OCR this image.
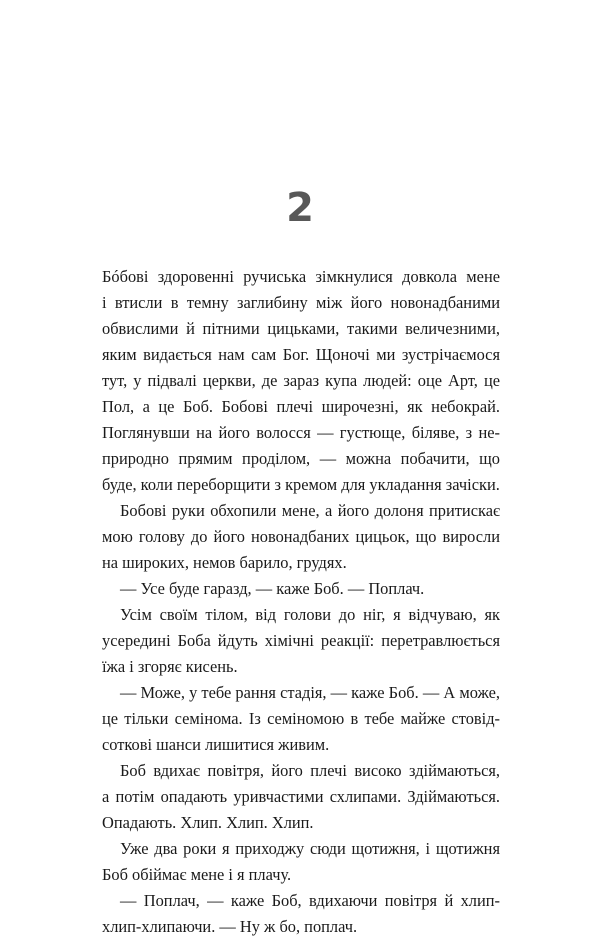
2
Бóбові здоровенні ручиська зімкнулися довкола мене
і втисли в темну заглибину між його новонадбаними
обвислими й пітними цицьками, такими величезними,
яким видається нам сам Бог. Щоночі ми зустрічаємося
тут, у підвалі церкви, де зараз купа людей: оце Арт, це
Пол, а це Боб. Бобові плечі широчезні, як небокрай.
Поглянувши на його волосся — густюще, біляве, з не-
природно прямим проділом, — можна побачити, що
буде, коли переборщити з кремом для укладання зачіски.
Бобові руки обхопили мене, а його долоня притискає
мою голову до його новонадбаних цицьок, що виросли
на широких, немов барило, грудях.
— Усе буде гаразд, — каже Боб. — Поплач.
Усім своїм тілом, від голови до ніг, я відчуваю, як
усередині Боба йдуть хімічні реакції: перетравлюється
їжа і згоряє кисень.
— Може, у тебе рання стадія, — каже Боб. — А може,
це тільки семінома. Із семіномою в тебе майже стовід-
соткові шанси лишитися живим.
Боб вдихає повітря, його плечі високо здіймаються,
а потім опадають уривчастими схлипами. Здіймаються.
Опадають. Хлип. Хлип. Хлип.
Уже два роки я приходжу сюди щотижня, і щотижня
Боб обіймає мене і я плачу.
— Поплач, — каже Боб, вдихаючи повітря й хлип-
хлип-хлипаючи. — Ну ж бо, поплач.
